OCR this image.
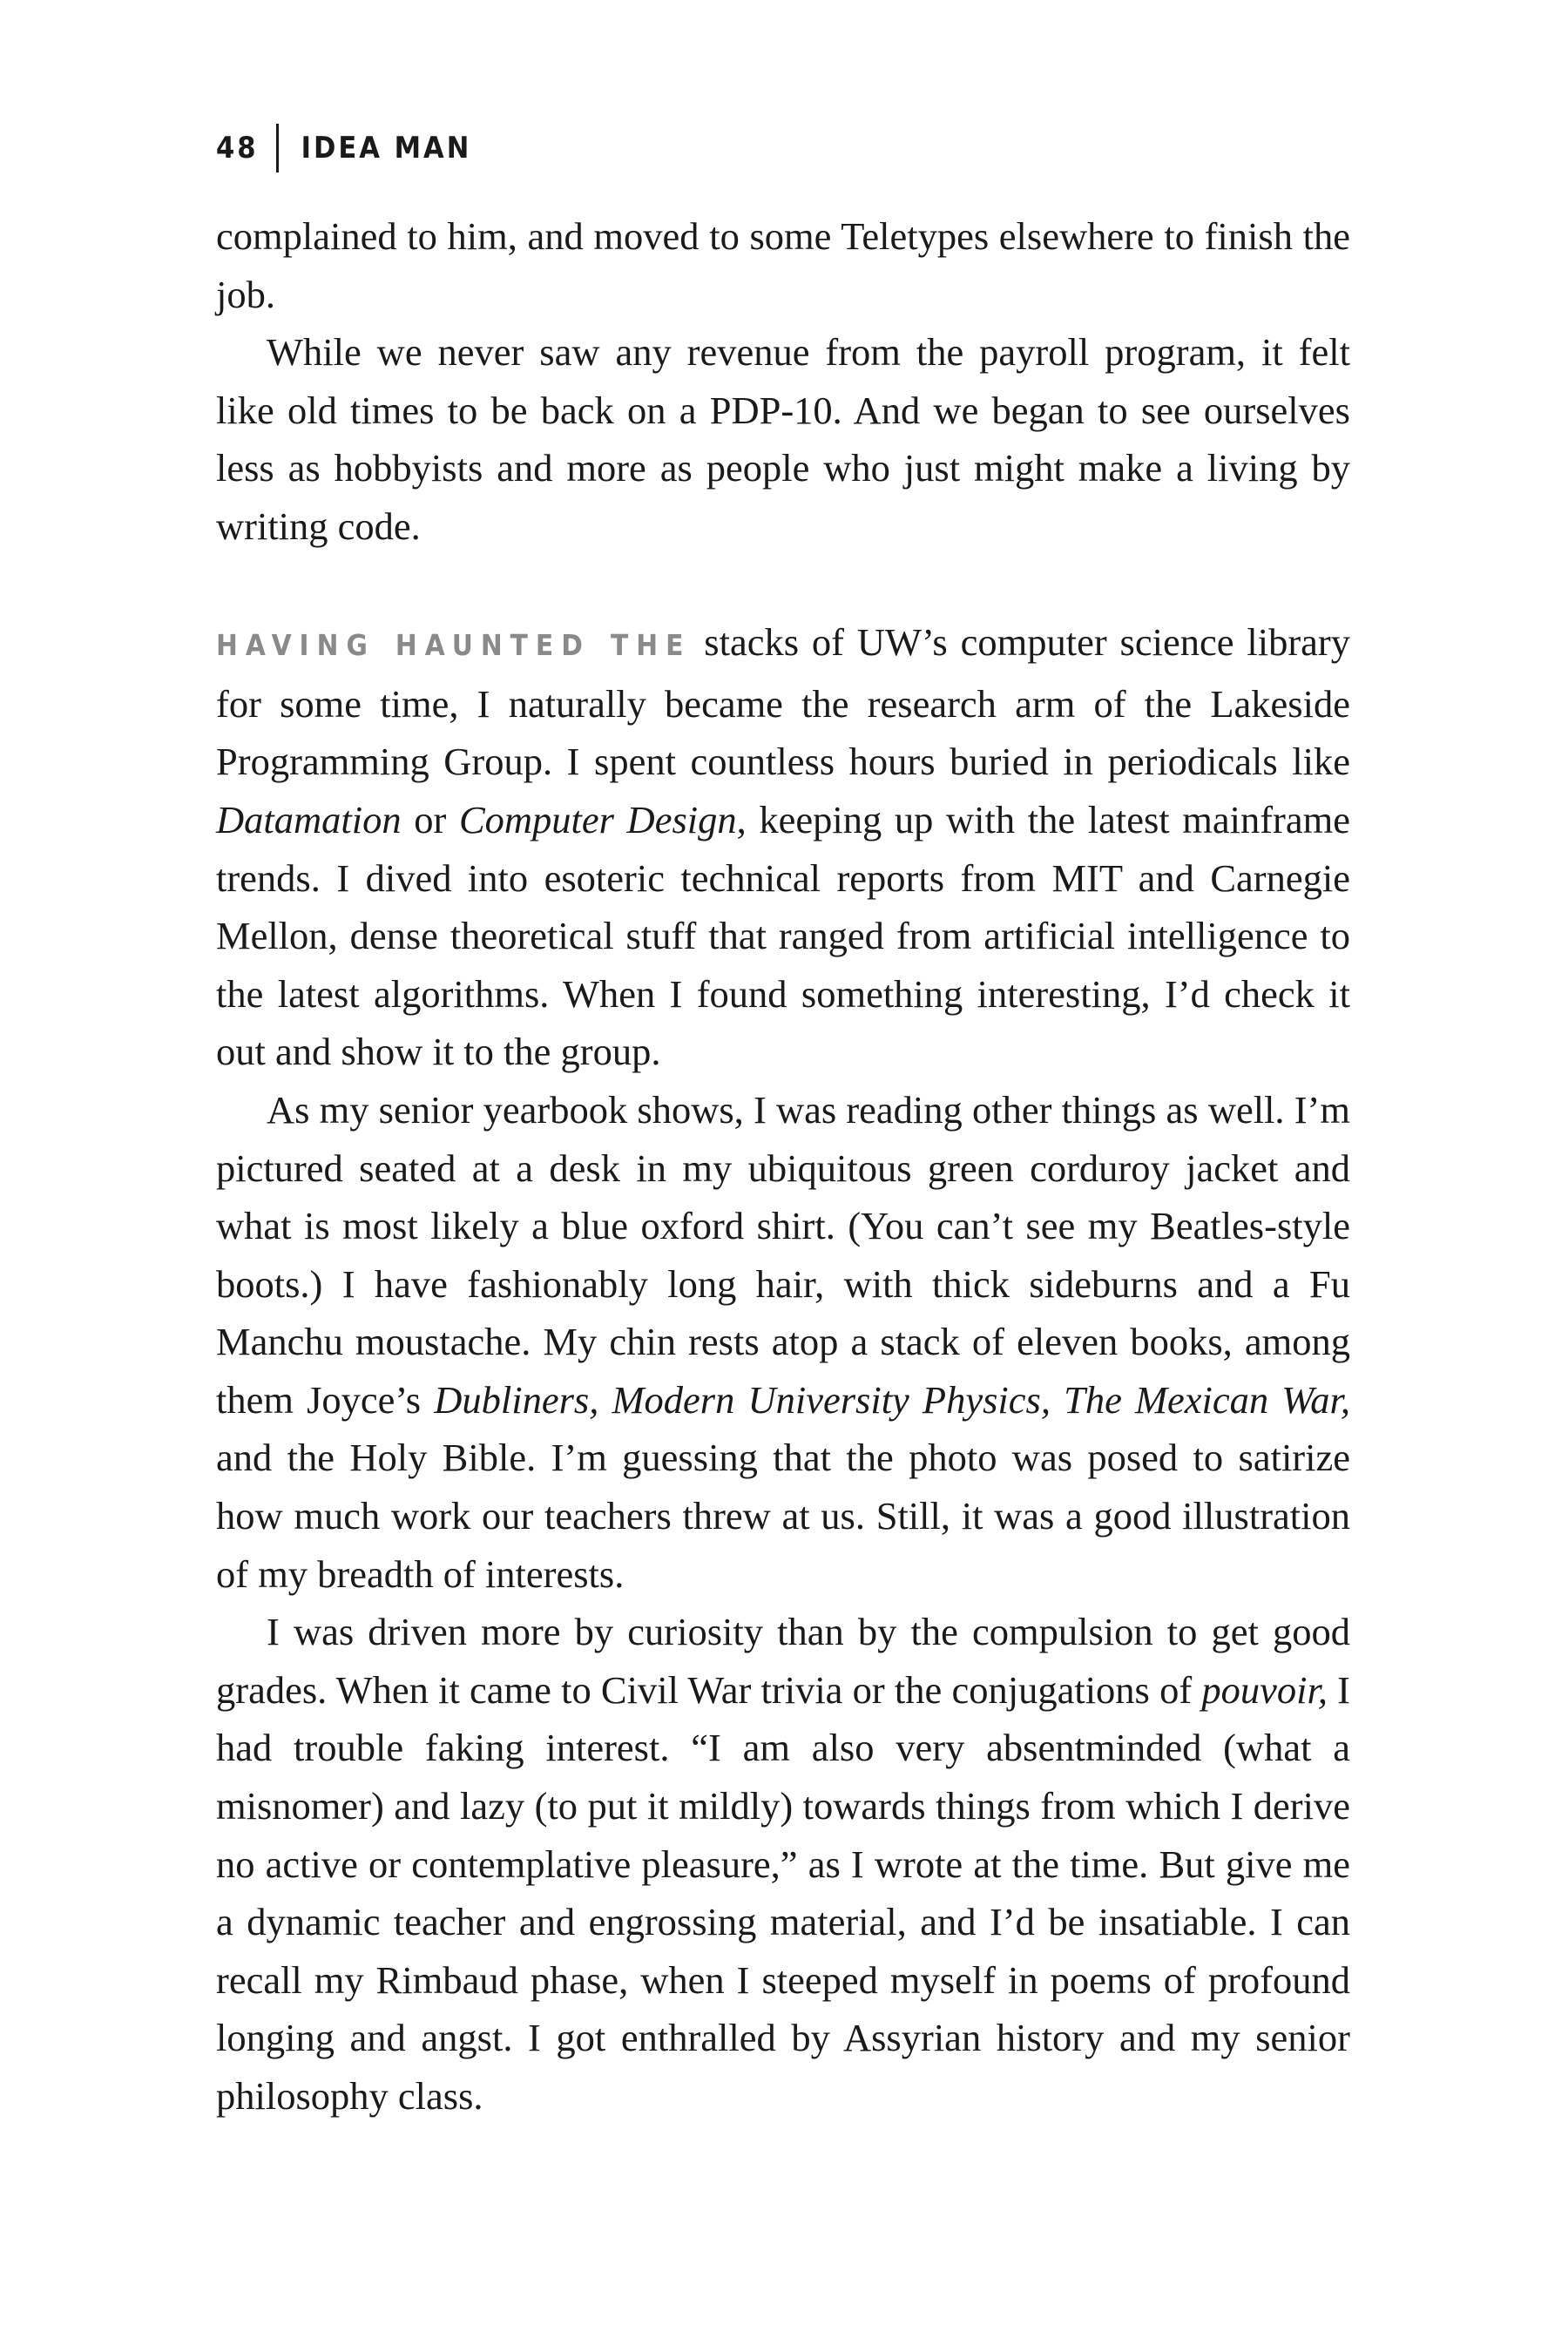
48 IDEA MAN

complained to him, and moved to some Teletypes elsewhere to finish the job.

While we never saw any revenue from the payroll program, it felt like old times to be back on a PDP-10. And we began to see ourselves less as hobbyists and more as people who just might make a living by writing code.

HAVING HAUNTED THE stacks of UW’s computer science library for some time, I naturally became the research arm of the Lakeside Programming Group. I spent countless hours buried in periodicals like Datamation or Computer Design, keeping up with the latest mainframe trends. I dived into esoteric technical reports from MIT and Carnegie Mellon, dense theoretical stuff that ranged from artificial intelligence to the latest algorithms. When I found something interesting, I’d check it out and show it to the group.

As my senior yearbook shows, I was reading other things as well. I’m pictured seated at a desk in my ubiquitous green corduroy jacket and what is most likely a blue oxford shirt. (You can’t see my Beatles-style boots.) I have fashionably long hair, with thick sideburns and a Fu Manchu moustache. My chin rests atop a stack of eleven books, among them Joyce’s Dubliners, Modern University Physics, The Mexican War, and the Holy Bible. I’m guessing that the photo was posed to satirize how much work our teachers threw at us. Still, it was a good illustration of my breadth of interests.

I was driven more by curiosity than by the compulsion to get good grades. When it came to Civil War trivia or the conjugations of pouvoir, I had trouble faking interest. “I am also very absentminded (what a misnomer) and lazy (to put it mildly) towards things from which I derive no active or contemplative pleasure,” as I wrote at the time. But give me a dynamic teacher and engrossing material, and I’d be insatiable. I can recall my Rimbaud phase, when I steeped myself in poems of profound longing and angst. I got enthralled by Assyrian history and my senior philosophy class.
